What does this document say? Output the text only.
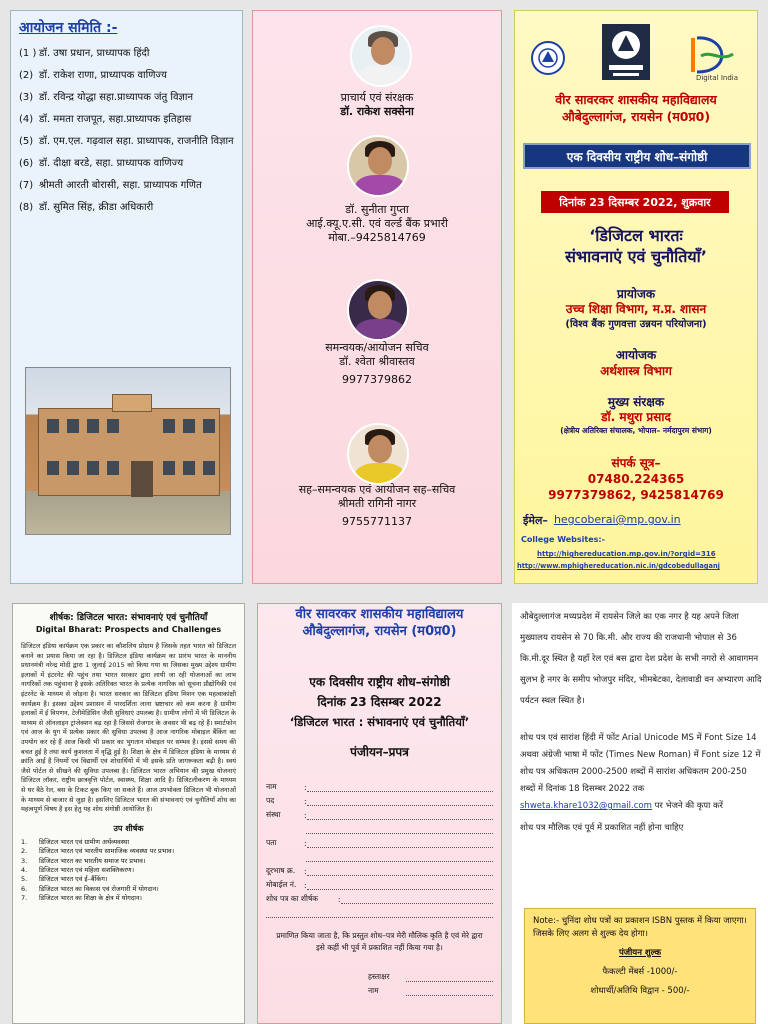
आयोजन समिति :-
(1 ) डॉ. उषा प्रधान, प्राध्यापक हिंदी
(2) डॉ. राकेश राणा, प्राध्यापक वाणिज्य
(3) डॉ. रविन्द्र योद्धा सहा.प्राध्यापक जंतु विज्ञान
(4) डॉ. ममता राजपूत, सहा.प्राध्यापक इतिहास
(5) डॉ. एम.एल. गढ़वाल सहा. प्राध्यापक, राजनीति विज्ञान
(6) डॉ. दीक्षा बरडे, सहा. प्राध्यापक वाणिज्य
(7) श्रीमती आरती बोरासी, सहा. प्राध्यापक गणित
(8) डॉ. सुमित सिंह, क्रीडा अधिकारी
प्राचार्य एवं संरक्षक
डॉ. राकेश सक्सेना
डॉ. सुनीता गुप्ता
आई.क्यू.ए.सी. एवं वर्ल्ड बैंक प्रभारी
मोबा.–9425814769
समन्वयक/आयोजन सचिव
डॉ. श्वेता श्रीवास्तव
9977379862
सह–समन्वयक एवं आयोजन सह–सचिव
श्रीमती रागिनी नागर
9755771137
Digital India
वीर सावरकर शासकीय महाविद्यालय
औबेदुल्लागंज, रायसेन (म0प्र0)
एक दिवसीय राष्ट्रीय शोध–संगोष्ठी
दिनांक 23 दिसम्बर 2022, शुक्रवार
‘डिजिटल भारतः
संभावनाएं एवं चुनौतियाँ’
प्रायोजक
उच्च शिक्षा विभाग, म.प्र. शासन
(विश्व बैंक गुणवत्ता उन्नयन परियोजना)
आयोजक
अर्थशास्त्र विभाग
मुख्य संरक्षक
डॉ. मथुरा प्रसाद
(क्षेत्रीय अतिरिक्त संचालक, भोपाल– नर्मदापुरम संभाग)
संपर्क सूत्र–
07480.224365
9977379862, 9425814769
ईमेल– hegcoberai@mp.gov.in
College Websites:-
http://highereducation.mp.gov.in/?orgid=316
http://www.mphighereducation.nic.in/gdcobedullaganj
शीर्षक: डिजिटल भारत: संभावनाएं एवं चुनौतियाँ
Digital Bharat: Prospects and Challenges
डिजिटल इंडिया कार्यक्रम एक प्रकार का कौशलिय प्रोग्राम है जिसके तहत भारत को डिजिटल बनाने का प्रयास किया जा रहा है। डिजिटल इंडिया कार्यक्रम का प्रारंभ भारत के माननीय प्रधानमंत्री नरेन्द्र मोदी द्वारा 1 जुलाई 2015 को किया गया था जिसका मुख्य उद्देश्य ग्रामीण इलाकों में इंटरनेट की पहुंच तथा भारत सरकार द्वारा लायी जा रही योजनाओं का लाभ नागरिकों तक पहुंचाना है इसके अतिरिक्त भारत के प्रत्येक नागरिक को सूचना प्रौद्योगिकी एवं इंटरनेट के माध्यम से जोड़ना है। भारत सरकार का डिजिटल इंडिया मिशन एक महत्वाकांक्षी कार्यक्रम है। इसका उद्देश्य प्रशासन में पारदर्शिता लाना भ्रष्टाचार को कम करना है ग्रामीण इलाकों में ई विपणन, टेलीमेडिसिन जैसी सुविधाएं उपलब्ध है। ग्रामीण लोगों में भी डिजिटल के माध्यम से ऑनलाइन ट्रांजेक्शन बढ़ रहा है जिससे रोजगार के अवसर भी बढ़ रहे हैं। स्मार्टफोन एवं आज के युग में प्रत्येक प्रकार की सुविधा उपलब्ध है आज नागरिक मोबाइल बैंकिंग का उपयोग कर रहे हैं आज किसी भी प्रकार का भुगतान मोबाइल पर सम्भव है। इससे समय की बचत हुई है तथा कार्य कुशलता में वृद्धि हुई है। शिक्षा के क्षेत्र में डिजिटल इंडिया के माध्यम से क्रांति आई है नियमों एवं विद्यार्थी एवं शोधार्थियों में भी इसके प्रति जागरूकता बढ़ी है। स्वयं जैसे पोर्टल से सीखने की सुविधा उपलब्ध है। डिजिटल भारत अभियान की प्रमुख योजनाएं डिजिटल लॉकर, राष्ट्रीय छात्रवृत्ति पोर्टल, स्वास्थ्य, शिक्षा आदि है। डिजिटलीकरण के माध्यम से घर बैठे रेल, बस के टिकट बुक किए जा सकते हैं। आज उपभोक्ता डिजिटल भी योजनाओं के माध्यम से बाजार से जुड़ा है। इसलिए डिजिटल भारत की संभावनाएं एवं चुनौतियाँ शोध का महत्वपूर्ण विषय है इस हेतु यह शोध संगोष्ठी आयोजित है।
उप शीर्षक
1.	डिजिटल भारत एवं ग्रामीण अर्थव्यवस्था
2.	डिजिटल भारत एवं भारतीय सामाजिक व्यवस्था पर प्रभाव।
3.	डिजिटल भारत का भारतीय समाज पर प्रभाव।
4.	डिजिटल भारत एवं महिला सशक्तिकरण।
5.	डिजिटल भारत एवं ई–बैंकिंग।
6.	डिजिटल भारत का विकास एवं रोजगारी में योगदान।
7.	डिजिटल भारत का शिक्षा के क्षेत्र में योगदान।
वीर सावरकर शासकीय महाविद्यालय
औबेदुल्लागंज, रायसेन (म0प्र0)
एक दिवसीय राष्ट्रीय शोध–संगोष्ठी
दिनांक 23 दिसम्बर 2022
‘डिजिटल भारत : संभावनाएं एवं चुनौतियाँ’
पंजीयन–प्रपत्र
नाम	:
पद	:
संस्था	:

पता	:

दूरभाष क्र.	:
मोबाईल नं.	:
शोध पत्र का शीर्षक	:
प्रमाणित किया जाता है, कि प्रस्तुत शोध–पत्र मेरी मौलिक कृति है एवं मेरे द्वारा इसे कहीं भी पूर्व में प्रकाशित नहीं किया गया है।
हस्ताक्षर
नाम
औबेदुल्लागंज मध्यप्रदेश में रायसेन जिले का एक नगर है यह अपने जिला मुख्यालय रायसेन से 70 कि.मी. और राज्य की राजधानी भोपाल से 36 कि.मी.दूर स्थित है यहाँ रेल एवं बस द्वारा देश प्रदेश के सभी नगरो से आवागमन सुलभ है नगर के समीप भोजपुर मंदिर, भीमबेटका, देलावाडी वन अभ्यारण आदि पर्यटन स्थल स्थित है।
शोध पत्र एवं सारांश हिंदी में फोंट Arial Unicode MS में Font Size 14 अथवा अंग्रेजी भाषा में फोंट (Times New Roman) में Font size 12 में शोध पत्र अधिकतम 2000-2500 शब्दों में सारांश अधिकतम 200-250 शब्दों में दिनांक 18 दिसम्बर 2022 तक shweta.khare1032@gmail.com पर भेजने की कृपा करें
शोध पत्र मौलिक एवं पूर्व में प्रकाशित नहीं होना चाहिए
Note:- चुनिंदा शोध पत्रों का प्रकाशन ISBN पुस्तक में किया जाएगा। जिसके लिए अलग से शुल्क देय होगा।
पंजीयन शुल्क
फैकल्टी मेंबर्स -1000/-
शोधार्थी/अतिथि विद्वान - 500/-
